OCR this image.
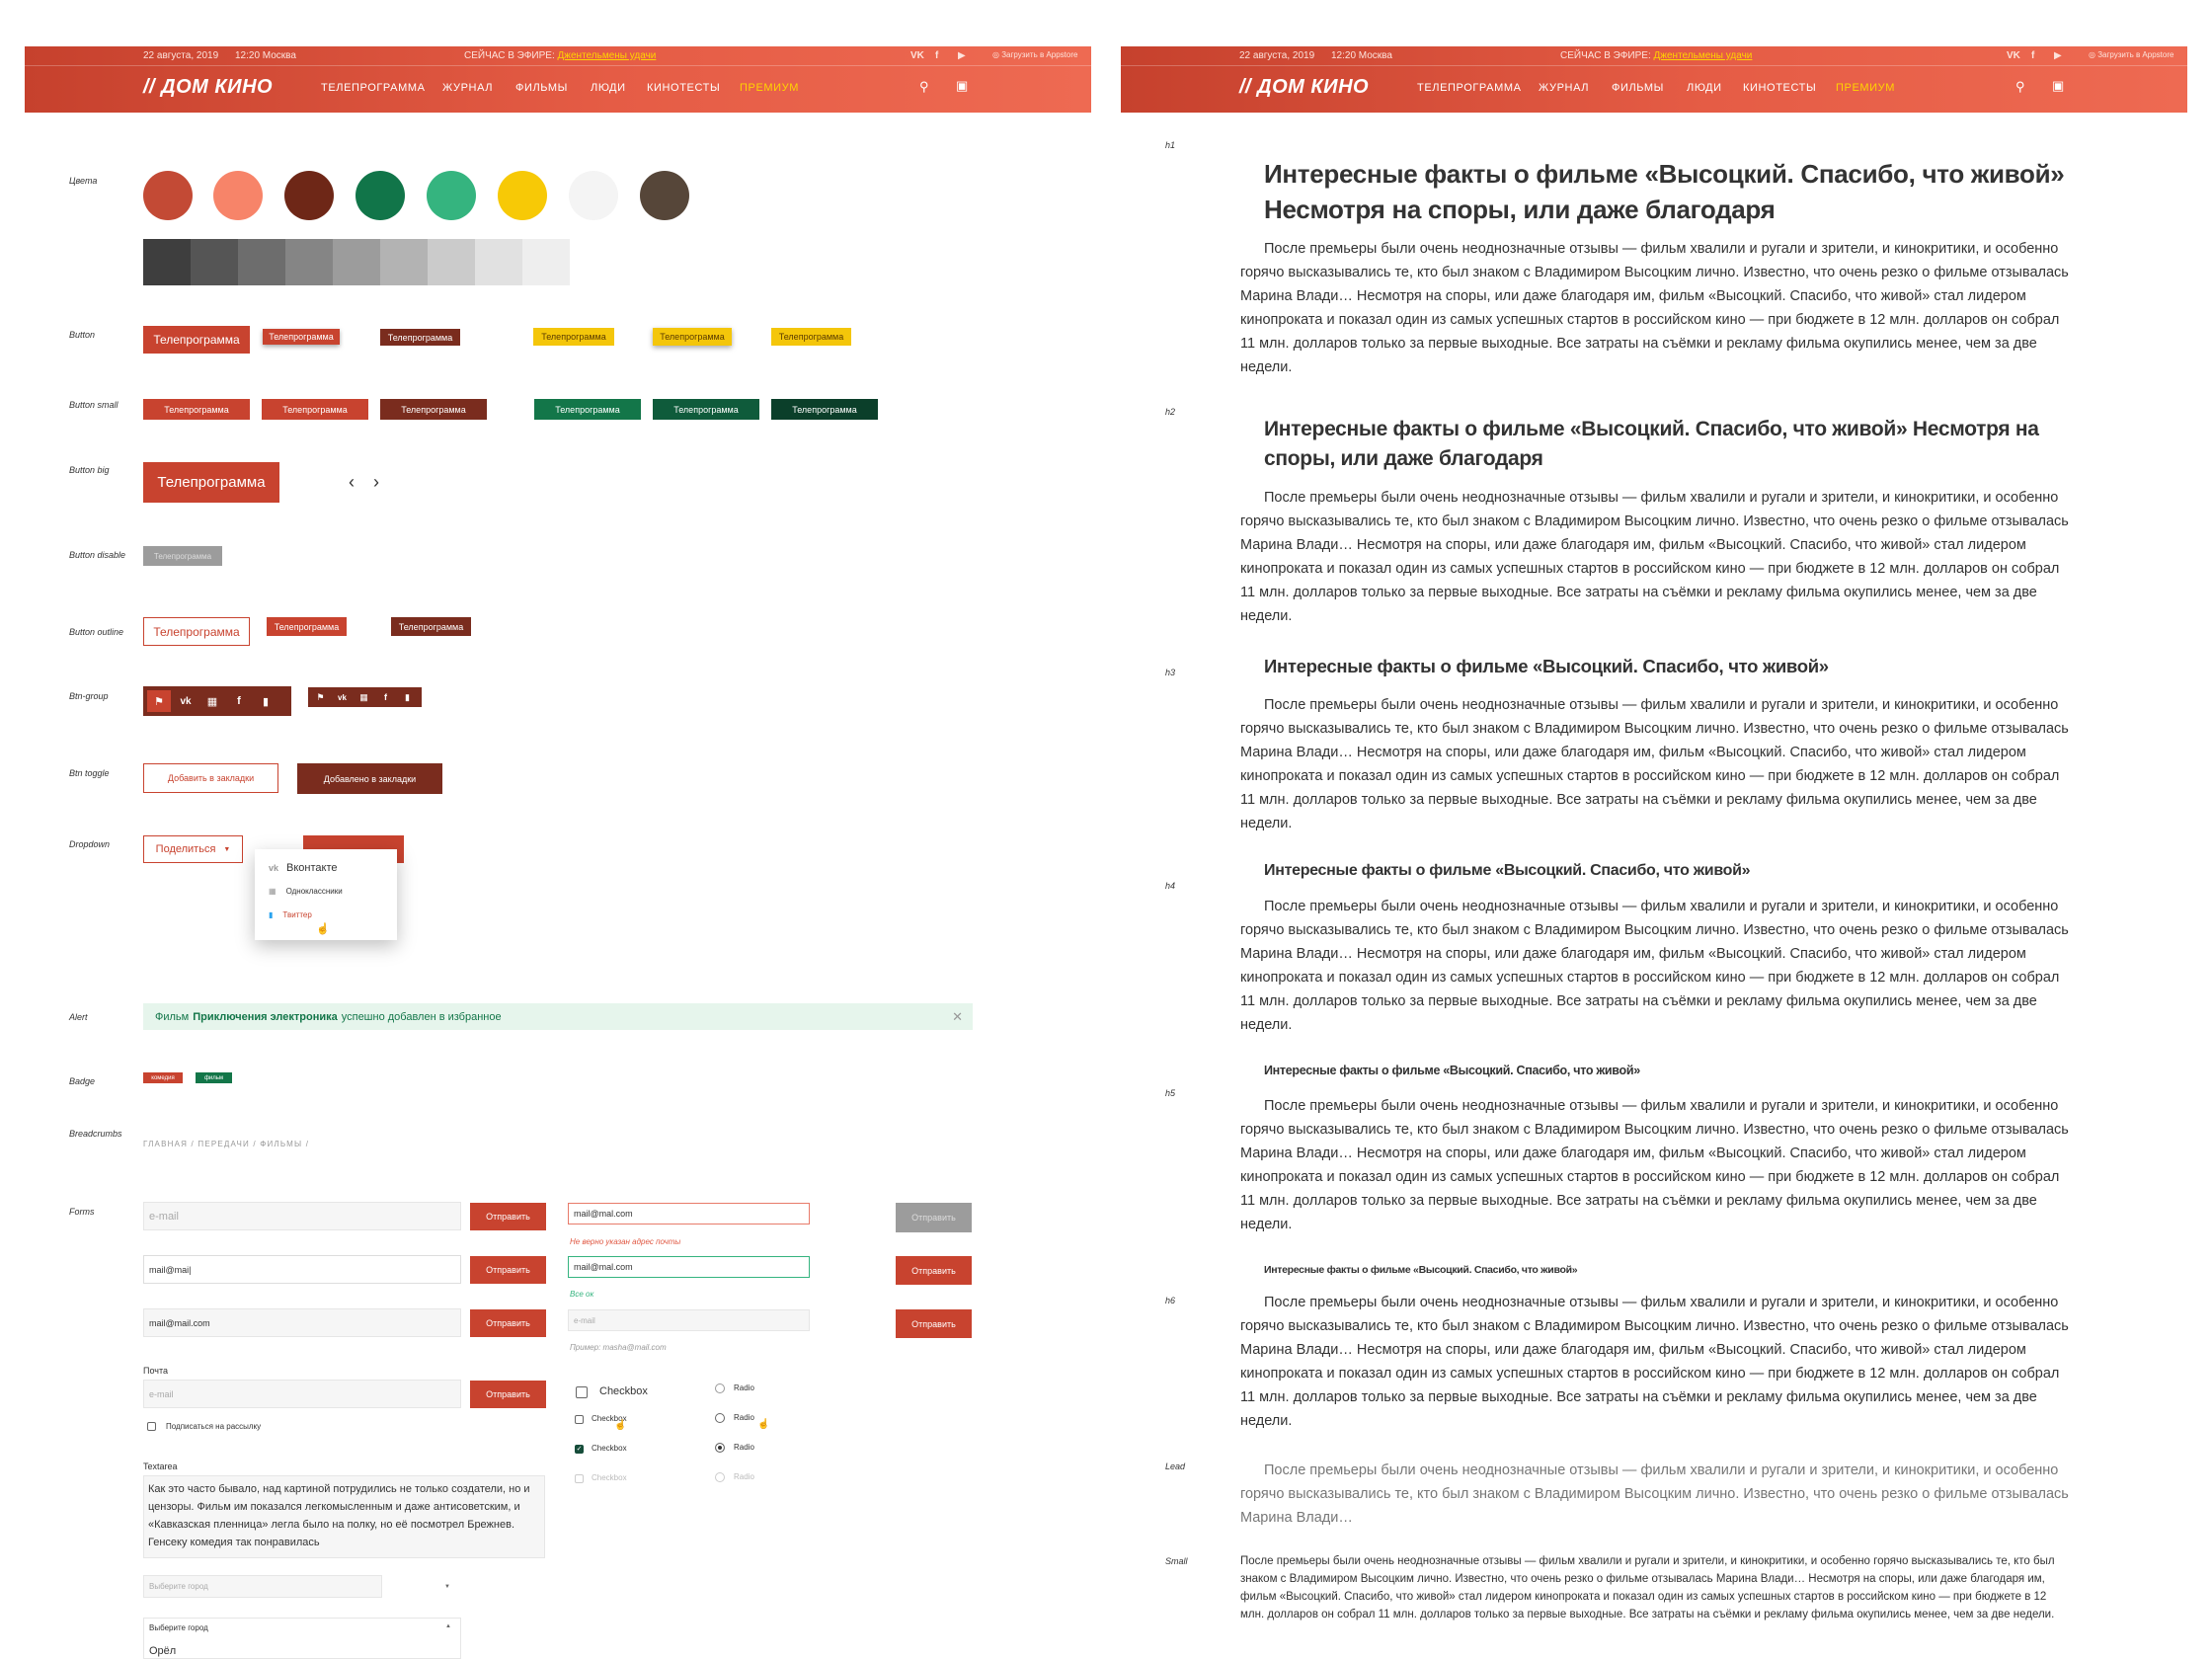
22 августа, 2019 12:20 Москва	СЕЙЧАС В ЭФИРЕ: Джентельмены удачи	VK f ▶	◎ Загрузить в Appstore
// ДОМ КИНО	ТЕЛЕПРОГРАММА ЖУРНАЛ ФИЛЬМЫ ЛЮДИ КИНОТЕСТЫ ПРЕМИУМ	⚲ ▣
22 августа, 2019 12:20 Москва	СЕЙЧАС В ЭФИРЕ: Джентельмены удачи	VK f ▶	◎ Загрузить в Appstore
// ДОМ КИНО	ТЕЛЕПРОГРАММА ЖУРНАЛ ФИЛЬМЫ ЛЮДИ КИНОТЕСТЫ ПРЕМИУМ	⚲ ▣
Цвета
Button
Button small
Button big
Button disable
Button outline
Btn-group
Btn toggle
Dropdown
Alert
Badge
Breadcrumbs
Forms
Телепрограмма	Телепрограмма	Телепрограмма	Телепрограмма	Телепрограмма	Телепрограмма
Телепрограмма	Телепрограмма	Телепрограмма	Телепрограмма	Телепрограмма	Телепрограмма
Телепрограмма	‹ ›
Телепрограмма
Телепрограмма	Телепрограмма	Телепрограмма
⚑	vk	▦	f	▮	⚑	vk	▦	f	▮
Добавить в закладки	Добавлено в закладки
Поделиться ▼
vk Вконтакте
▦ Одноклассники
▮ Твиттер
☝
Фильм Приключения электроника успешно добавлен в избранное	✕
комедия	фильм
ГЛАВНАЯ / ПЕРЕДАЧИ / ФИЛЬМЫ /
e-mail	Отправить
mail@mai|	Отправить
mail@mail.com	Отправить
Почта
e-mail	Отправить
Подписаться на рассылку
Textarea
Как это часто бывало, над картиной потрудились не только создатели, но и цензоры. Фильм им показался легкомысленным и даже антисоветским, и «Кавказская пленница» легла было на полку, но её посмотрел Брежнев. Генсеку комедия так понравилась
Выберите город	▼
Выберите город	▲
Орёл
mail@mal.com
Не верно указан адрес почты
Отправить
mail@mal.com
Все ок
Отправить
e-mail
Пример: masha@mail.com
Отправить
Checkbox
Checkbox
☝
✓ Checkbox
Checkbox
Radio
Radio
☝
Radio
Radio
h1
h2
h3
h4
h5
h6
Lead
Small
Интересные факты о фильме «Высоцкий. Спасибо, что живой» Несмотря на споры, или даже благодаря
После премьеры были очень неоднозначные отзывы — фильм хвалили и ругали и зрители, и кинокритики, и особенно горячо высказывались те, кто был знаком с Владимиром Высоцким лично. Известно, что очень резко о фильме отзывалась Марина Влади… Несмотря на споры, или даже благодаря им, фильм «Высоцкий. Спасибо, что живой» стал лидером кинопроката и показал один из самых успешных стартов в российском кино — при бюджете в 12 млн. долларов он собрал 11 млн. долларов только за первые выходные. Все затраты на съёмки и рекламу фильма окупились менее, чем за две недели.
Интересные факты о фильме «Высоцкий. Спасибо, что живой» Несмотря на споры, или даже благодаря
После премьеры были очень неоднозначные отзывы — фильм хвалили и ругали и зрители, и кинокритики, и особенно горячо высказывались те, кто был знаком с Владимиром Высоцким лично. Известно, что очень резко о фильме отзывалась Марина Влади… Несмотря на споры, или даже благодаря им, фильм «Высоцкий. Спасибо, что живой» стал лидером кинопроката и показал один из самых успешных стартов в российском кино — при бюджете в 12 млн. долларов он собрал 11 млн. долларов только за первые выходные. Все затраты на съёмки и рекламу фильма окупились менее, чем за две недели.
Интересные факты о фильме «Высоцкий. Спасибо, что живой»
После премьеры были очень неоднозначные отзывы — фильм хвалили и ругали и зрители, и кинокритики, и особенно горячо высказывались те, кто был знаком с Владимиром Высоцким лично. Известно, что очень резко о фильме отзывалась Марина Влади… Несмотря на споры, или даже благодаря им, фильм «Высоцкий. Спасибо, что живой» стал лидером кинопроката и показал один из самых успешных стартов в российском кино — при бюджете в 12 млн. долларов он собрал 11 млн. долларов только за первые выходные. Все затраты на съёмки и рекламу фильма окупились менее, чем за две недели.
Интересные факты о фильме «Высоцкий. Спасибо, что живой»
После премьеры были очень неоднозначные отзывы — фильм хвалили и ругали и зрители, и кинокритики, и особенно горячо высказывались те, кто был знаком с Владимиром Высоцким лично. Известно, что очень резко о фильме отзывалась Марина Влади… Несмотря на споры, или даже благодаря им, фильм «Высоцкий. Спасибо, что живой» стал лидером кинопроката и показал один из самых успешных стартов в российском кино — при бюджете в 12 млн. долларов он собрал 11 млн. долларов только за первые выходные. Все затраты на съёмки и рекламу фильма окупились менее, чем за две недели.
Интересные факты о фильме «Высоцкий. Спасибо, что живой»
После премьеры были очень неоднозначные отзывы — фильм хвалили и ругали и зрители, и кинокритики, и особенно горячо высказывались те, кто был знаком с Владимиром Высоцким лично. Известно, что очень резко о фильме отзывалась Марина Влади… Несмотря на споры, или даже благодаря им, фильм «Высоцкий. Спасибо, что живой» стал лидером кинопроката и показал один из самых успешных стартов в российском кино — при бюджете в 12 млн. долларов он собрал 11 млн. долларов только за первые выходные. Все затраты на съёмки и рекламу фильма окупились менее, чем за две недели.
Интересные факты о фильме «Высоцкий. Спасибо, что живой»
После премьеры были очень неоднозначные отзывы — фильм хвалили и ругали и зрители, и кинокритики, и особенно горячо высказывались те, кто был знаком с Владимиром Высоцким лично. Известно, что очень резко о фильме отзывалась Марина Влади… Несмотря на споры, или даже благодаря им, фильм «Высоцкий. Спасибо, что живой» стал лидером кинопроката и показал один из самых успешных стартов в российском кино — при бюджете в 12 млн. долларов он собрал 11 млн. долларов только за первые выходные. Все затраты на съёмки и рекламу фильма окупились менее, чем за две недели.
После премьеры были очень неоднозначные отзывы — фильм хвалили и ругали и зрители, и кинокритики, и особенно горячо высказывались те, кто был знаком с Владимиром Высоцким лично. Известно, что очень резко о фильме отзывалась Марина Влади…
После премьеры были очень неоднозначные отзывы — фильм хвалили и ругали и зрители, и кинокритики, и особенно горячо высказывались те, кто был знаком с Владимиром Высоцким лично. Известно, что очень резко о фильме отзывалась Марина Влади… Несмотря на споры, или даже благодаря им, фильм «Высоцкий. Спасибо, что живой» стал лидером кинопроката и показал один из самых успешных стартов в российском кино — при бюджете в 12 млн. долларов он собрал 11 млн. долларов только за первые выходные. Все затраты на съёмки и рекламу фильма окупились менее, чем за две недели.
